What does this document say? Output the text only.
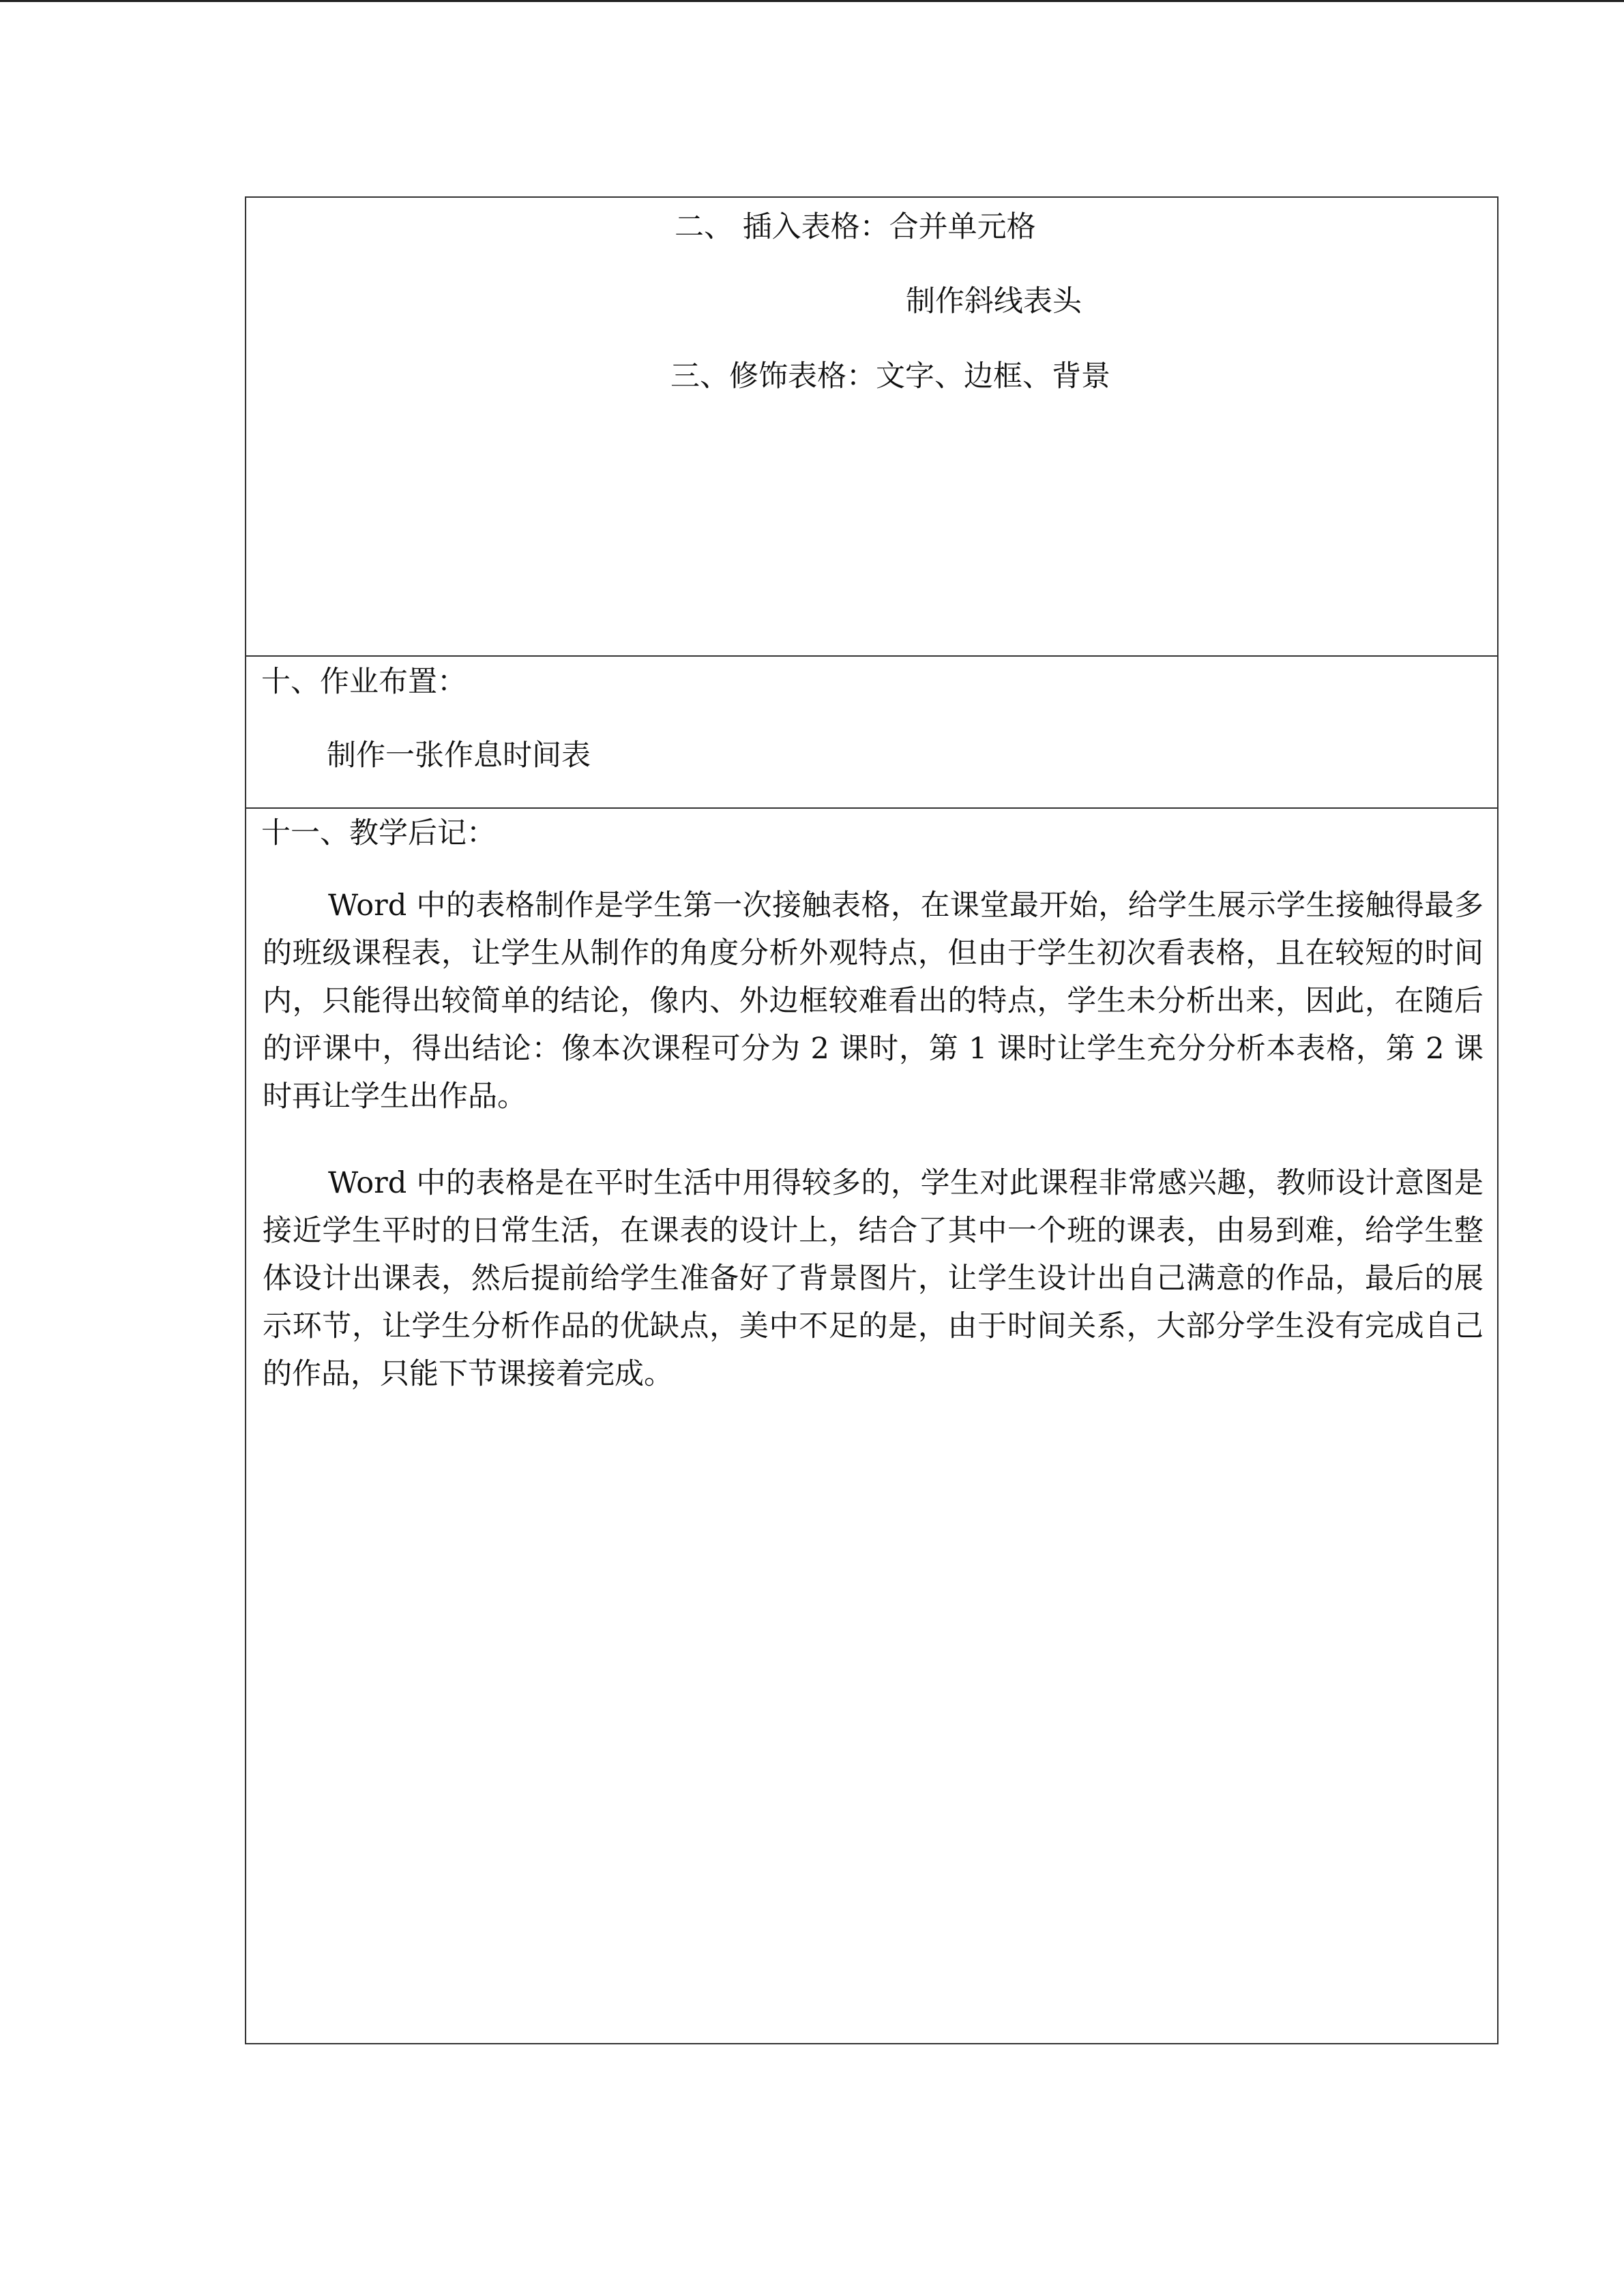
二、 插入表格：合并单元格

制作斜线表头

三、修饰表格：文字、边框、背景

十、作业布置：

制作一张作息时间表

十一、教学后记：

Word 中的表格制作是学生第一次接触表格，在课堂最开始，给学生展示学生接触得最多的班级课程表，让学生从制作的角度分析外观特点，但由于学生初次看表格，且在较短的时间内，只能得出较简单的结论，像内、外边框较难看出的特点，学生未分析出来，因此，在随后的评课中，得出结论：像本次课程可分为 2 课时，第 1 课时让学生充分分析本表格，第 2 课时再让学生出作品。

Word 中的表格是在平时生活中用得较多的，学生对此课程非常感兴趣，教师设计意图是接近学生平时的日常生活，在课表的设计上，结合了其中一个班的课表，由易到难，给学生整体设计出课表，然后提前给学生准备好了背景图片，让学生设计出自己满意的作品，最后的展示环节，让学生分析作品的优缺点，美中不足的是，由于时间关系，大部分学生没有完成自己的作品，只能下节课接着完成。
